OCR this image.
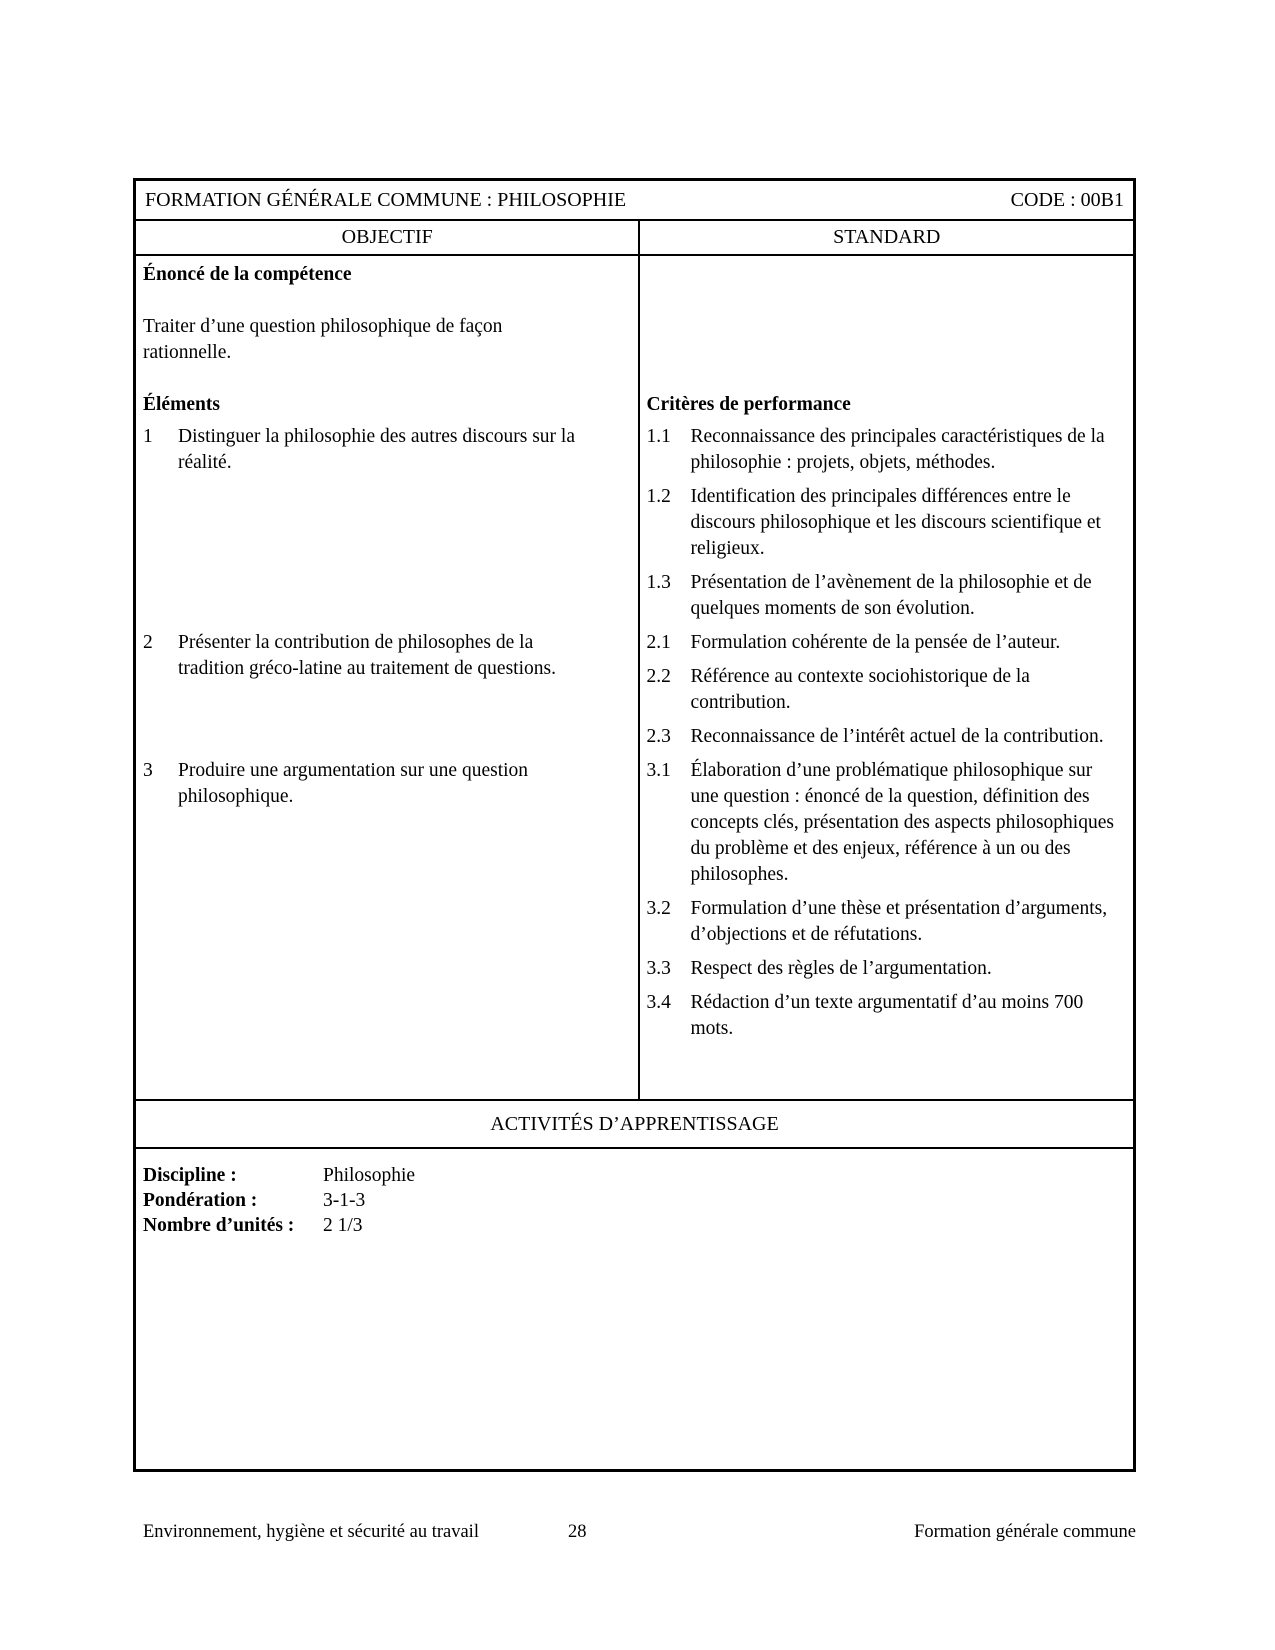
FORMATION GÉNÉRALE COMMUNE : PHILOSOPHIE	CODE : 00B1
OBJECTIF	STANDARD

Énoncé de la compétence

Traiter d’une question philosophique de façon rationnelle.

Éléments	Critères de performance

1	Distinguer la philosophie des autres discours sur la réalité.
1.1	Reconnaissance des principales caractéristiques de la philosophie : projets, objets, méthodes.
1.2	Identification des principales différences entre le discours philosophique et les discours scientifique et religieux.
1.3	Présentation de l’avènement de la philosophie et de quelques moments de son évolution.
2	Présenter la contribution de philosophes de la tradition gréco-latine au traitement de questions.
2.1	Formulation cohérente de la pensée de l’auteur.
2.2	Référence au contexte sociohistorique de la contribution.
2.3	Reconnaissance de l’intérêt actuel de la contribution.
3	Produire une argumentation sur une question philosophique.
3.1	Élaboration d’une problématique philosophique sur une question : énoncé de la question, définition des concepts clés, présentation des aspects philosophiques du problème et des enjeux, référence à un ou des philosophes.
3.2	Formulation d’une thèse et présentation d’arguments, d’objections et de réfutations.
3.3	Respect des règles de l’argumentation.
3.4	Rédaction d’un texte argumentatif d’au moins 700 mots.
ACTIVITÉS D’APPRENTISSAGE
Discipline :	Philosophie
Pondération :	3-1-3
Nombre d’unités :	2 1/3
Environnement, hygiène et sécurité au travail	28	Formation générale commune
